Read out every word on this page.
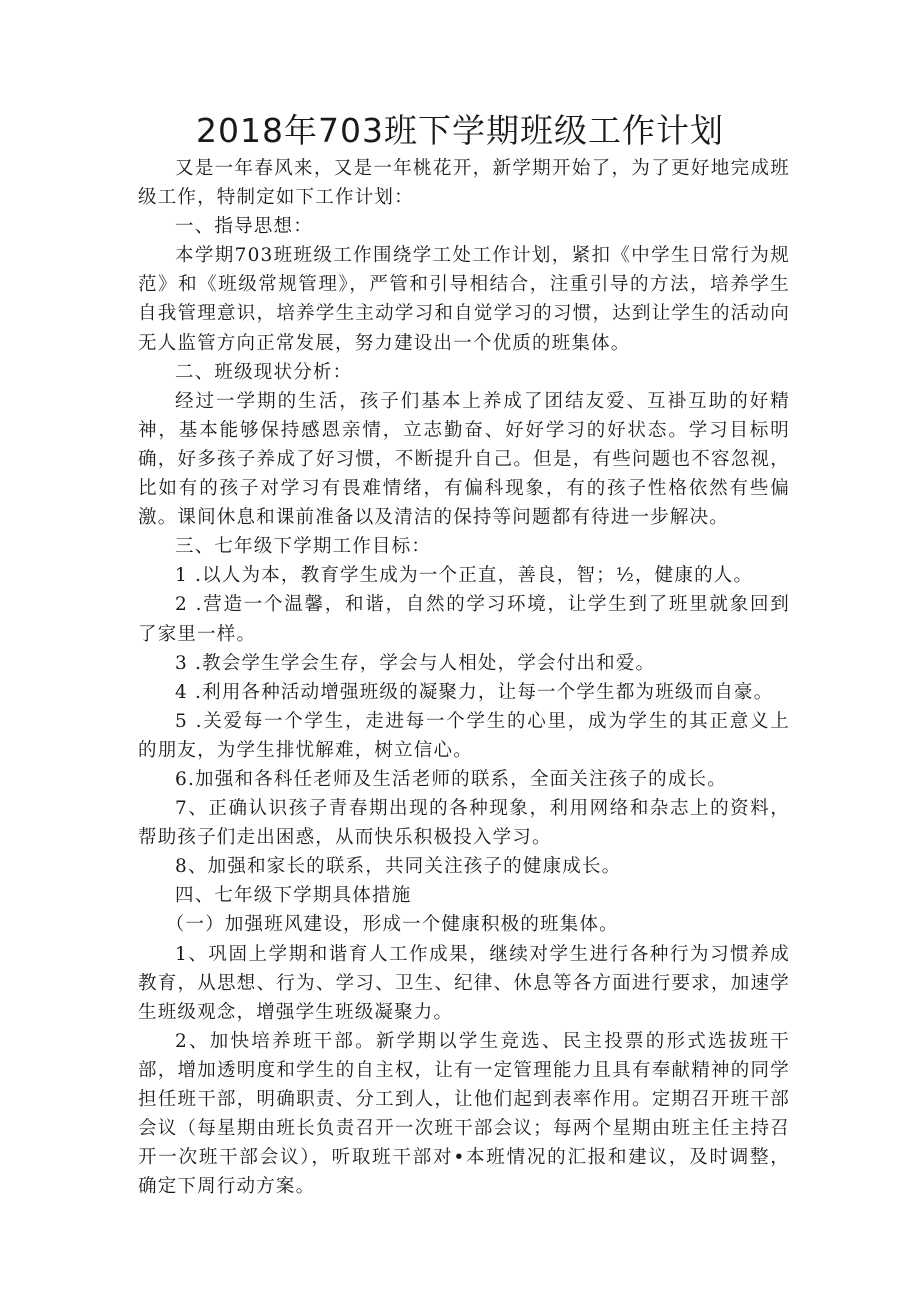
2018年703班下学期班级工作计划

又是一年春风来，又是一年桃花开，新学期开始了，为了更好地完成班级工作，特制定如下工作计划：

一、指导思想：

本学期703班班级工作围绕学工处工作计划，紧扣《中学生日常行为规范》和《班级常规管理》，严管和引导相结合，注重引导的方法，培养学生自我管理意识，培养学生主动学习和自觉学习的习惯，达到让学生的活动向无人监管方向正常发展，努力建设出一个优质的班集体。

二、班级现状分析：

经过一学期的生活，孩子们基本上养成了团结友爱、互褂互助的好精神，基本能够保持感恩亲情，立志勤奋、好好学习的好状态。学习目标明确，好多孩子养成了好习惯，不断提升自己。但是，有些问题也不容忽视，比如有的孩子对学习有畏难情绪，有偏科现象，有的孩子性格依然有些偏激。课间休息和课前准备以及清洁的保持等问题都有待进一步解决。

三、七年级下学期工作目标：

1 .以人为本，教育学生成为一个正直，善良，智；½，健康的人。

2 .营造一个温馨，和谐，自然的学习环境，让学生到了班里就象回到了家里一样。

3 .教会学生学会生存，学会与人相处，学会付出和爱。

4 .利用各种活动增强班级的凝聚力，让每一个学生都为班级而自豪。

5 .关爱每一个学生，走进每一个学生的心里，成为学生的其正意义上的朋友，为学生排忧解难，树立信心。

6.加强和各科任老师及生活老师的联系，全面关注孩子的成长。

7、正确认识孩子青春期出现的各种现象，利用网络和杂志上的资料，帮助孩子们走出困惑，从而快乐积极投入学习。

8、加强和家长的联系，共同关注孩子的健康成长。

四、七年级下学期具体措施

（一）加强班风建设，形成一个健康积极的班集体。

1、巩固上学期和谐育人工作成果，继续对学生进行各种行为习惯养成教育，从思想、行为、学习、卫生、纪律、休息等各方面进行要求，加速学生班级观念，增强学生班级凝聚力。

2、加快培养班干部。新学期以学生竞选、民主投票的形式选拔班干部，增加透明度和学生的自主权，让有一定管理能力且具有奉献精神的同学担任班干部，明确职责、分工到人，让他们起到表率作用。定期召开班干部会议（每星期由班长负责召开一次班干部会议；每两个星期由班主任主持召开一次班干部会议），听取班干部对•本班情况的汇报和建议，及时调整，确定下周行动方案。
